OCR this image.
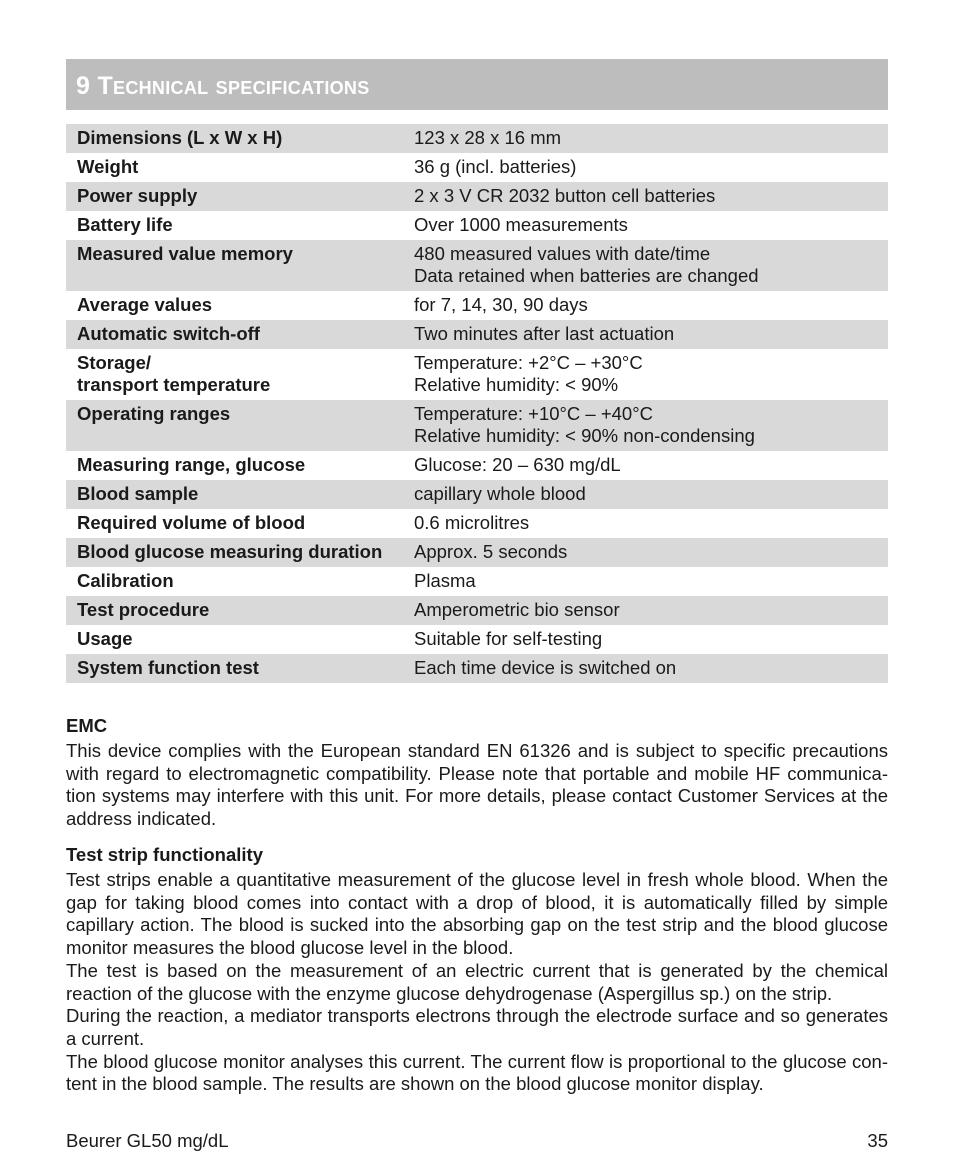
9 Technical specifications
Dimensions (L x W x H)	123 x 28 x 16 mm

Weight	36 g (incl. batteries)

Power supply	2 x 3 V CR 2032 button cell batteries

Battery life	Over 1000 measurements

Measured value memory	480 measured values with date/time
Data retained when batteries are changed

Average values	for 7, 14, 30, 90 days

Automatic switch-off	Two minutes after last actuation

Storage/
transport temperature	Temperature: +2°C – +30°C
Relative humidity: < 90%

Operating ranges	Temperature: +10°C – +40°C
Relative humidity: < 90% non-condensing

Measuring range, glucose	Glucose: 20 – 630 mg/dL

Blood sample	capillary whole blood

Required volume of blood	0.6 microlitres

Blood glucose measuring duration	Approx. 5 seconds

Calibration	Plasma

Test procedure	Amperometric bio sensor

Usage	Suitable for self-testing

System function test	Each time device is switched on
EMC

This device complies with the European standard EN 61326 and is subject to specific precautions with regard to electromagnetic compatibility. Please note that portable and mobile HF communication systems may interfere with this unit. For more details, please contact Customer Services at the address indicated.

Test strip functionality

Test strips enable a quantitative measurement of the glucose level in fresh whole blood. When the gap for taking blood comes into contact with a drop of blood, it is automatically filled by simple capillary action. The blood is sucked into the absorbing gap on the test strip and the blood glucose monitor measures the blood glucose level in the blood.

The test is based on the measurement of an electric current that is generated by the chemical reaction of the glucose with the enzyme glucose dehydrogenase (Aspergillus sp.) on the strip.

During the reaction, a mediator transports electrons through the electrode surface and so generates a current.

The blood glucose monitor analyses this current. The current flow is proportional to the glucose content in the blood sample. The results are shown on the blood glucose monitor display.

Beurer GL50 mg/dL	35
